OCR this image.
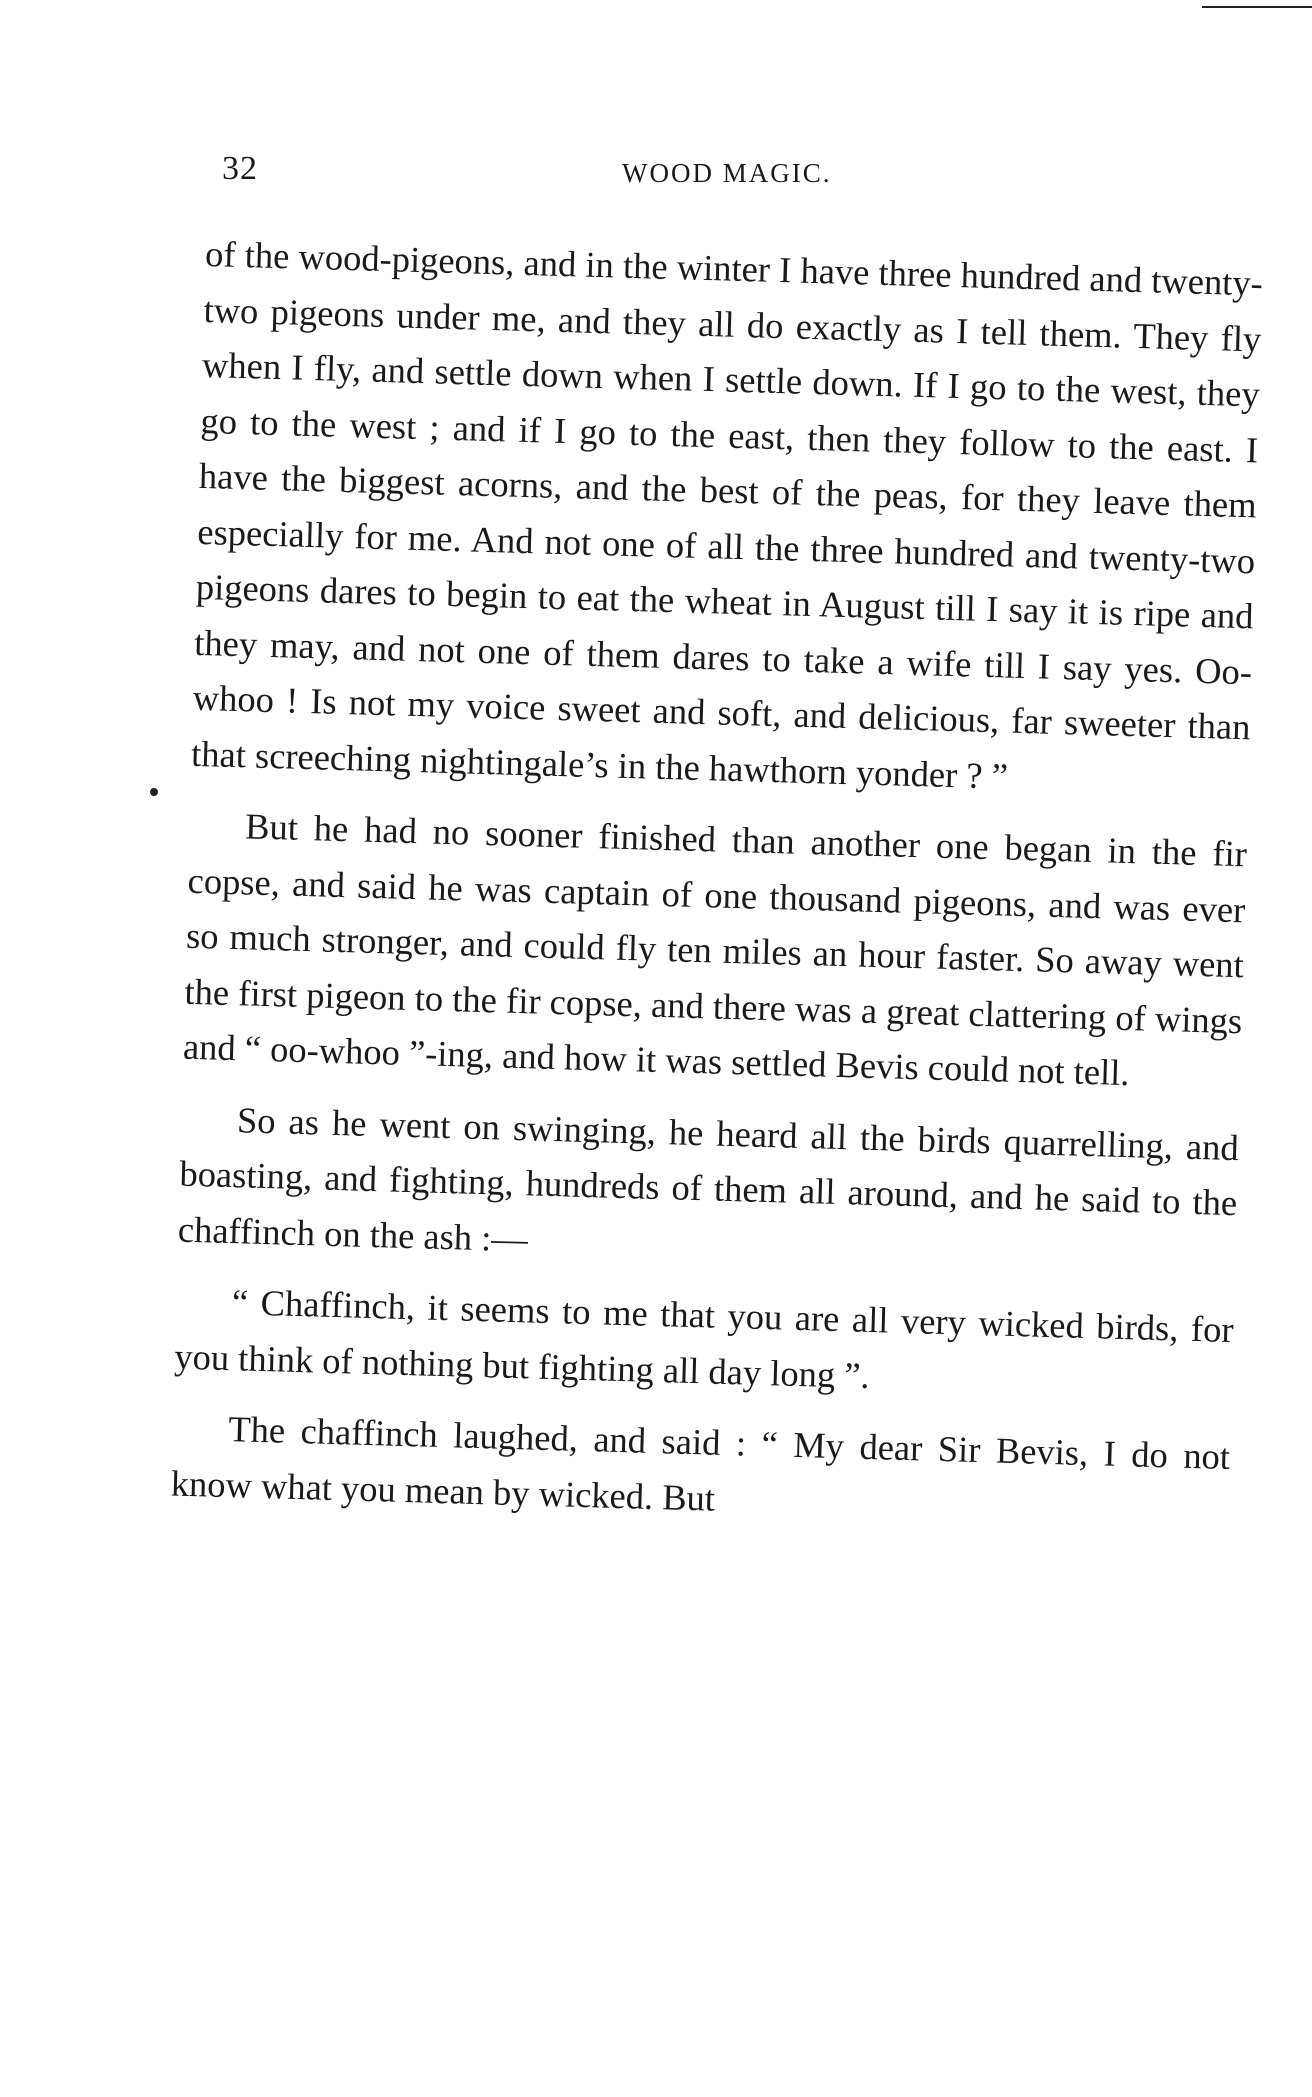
32	WOOD MAGIC.

of the wood-pigeons, and in the winter I have three hundred and twenty-two pigeons under me, and they all do exactly as I tell them. They fly when I fly, and settle down when I settle down. If I go to the west, they go to the west ; and if I go to the east, then they follow to the east. I have the biggest acorns, and the best of the peas, for they leave them especially for me. And not one of all the three hundred and twenty-two pigeons dares to begin to eat the wheat in August till I say it is ripe and they may, and not one of them dares to take a wife till I say yes. Oo-whoo ! Is not my voice sweet and soft, and delicious, far sweeter than that screeching nightingale’s in the hawthorn yonder ? ”

But he had no sooner finished than another one began in the fir copse, and said he was captain of one thousand pigeons, and was ever so much stronger, and could fly ten miles an hour faster. So away went the first pigeon to the fir copse, and there was a great clattering of wings and “ oo-whoo ”-ing, and how it was settled Bevis could not tell.

So as he went on swinging, he heard all the birds quarrelling, and boasting, and fighting, hundreds of them all around, and he said to the chaffinch on the ash :—

“ Chaffinch, it seems to me that you are all very wicked birds, for you think of nothing but fighting all day long ”.

The chaffinch laughed, and said : “ My dear Sir Bevis, I do not know what you mean by wicked. But
